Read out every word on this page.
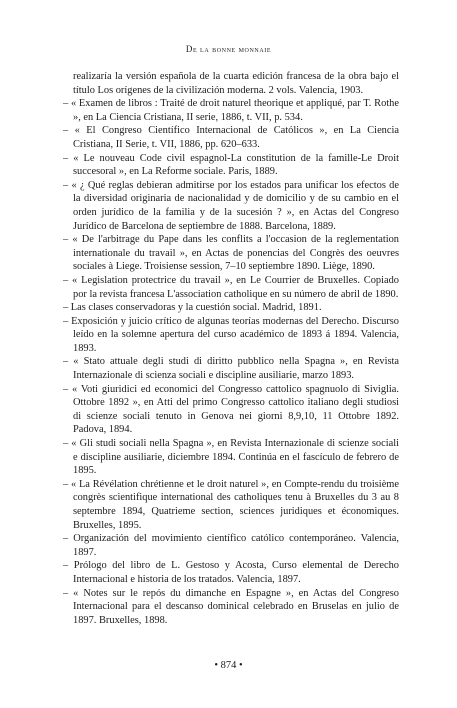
De la bonne monnaie

realizaría la versión española de la cuarta edición francesa de la obra bajo el título Los orígenes de la civilización moderna. 2 vols. Valencia, 1903.

– « Examen de libros : Traité de droit naturel theorique et appliqué, par T. Rothe », en La Ciencia Cristiana, II serie, 1886, t. VII, p. 534.

– « El Congreso Científico Internacional de Católicos », en La Ciencia Cristiana, II Serie, t. VII, 1886, pp. 620–633.

– « Le nouveau Code civil espagnol-La constitution de la famille-Le Droit succesoral », en La Reforme sociale. Paris, 1889.

– « ¿ Qué reglas debieran admitirse por los estados para unificar los efectos de la diversidad originaria de nacionalidad y de domicilio y de su cambio en el orden jurídico de la familia y de la sucesión ? », en Actas del Congreso Jurídico de Barcelona de septiembre de 1888. Barcelona, 1889.

– « De l'arbitrage du Pape dans les conflits a l'occasion de la reglementation internationale du travail », en Actas de ponencias del Congrès des oeuvres sociales à Liege. Troisiense session, 7–10 septiembre 1890. Liège, 1890.

– « Legislation protectrice du travail », en Le Courrier de Bruxelles. Copiado por la revista francesa L'association catholique en su número de abril de 1890.

– Las clases conservadoras y la cuestión social. Madrid, 1891.

– Exposición y juicio crítico de algunas teorías modernas del Derecho. Discurso leído en la solemne apertura del curso académico de 1893 á 1894. Valencia, 1893.

– « Stato attuale degli studi di diritto pubblico nella Spagna », en Revista Internazionale di scienza sociali e discipline ausiliarie, marzo 1893.

– « Voti giuridici ed economici del Congresso cattolico spagnuolo di Siviglia. Ottobre 1892 », en Atti del primo Congresso cattolico italiano degli studiosi di scienze sociali tenuto in Genova nei giorni 8,9,10, 11 Ottobre 1892. Padova, 1894.

– « Gli studi sociali nella Spagna », en Revista Internazionale di scienze sociali e discipline ausiliarie, diciembre 1894. Continúa en el fascículo de febrero de 1895.

– « La Révélation chrétienne et le droit naturel », en Compte-rendu du troisième congrès scientifique international des catholiques tenu à Bruxelles du 3 au 8 septembre 1894, Quatrieme section, sciences juridiques et économiques. Bruxelles, 1895.

– Organización del movimiento científico católico contemporáneo. Valencia, 1897.

– Prólogo del libro de L. Gestoso y Acosta, Curso elemental de Derecho Internacional e historia de los tratados. Valencia, 1897.

– « Notes sur le repós du dimanche en Espagne », en Actas del Congreso Internacional para el descanso dominical celebrado en Bruselas en julio de 1897. Bruxelles, 1898.

• 874 •
